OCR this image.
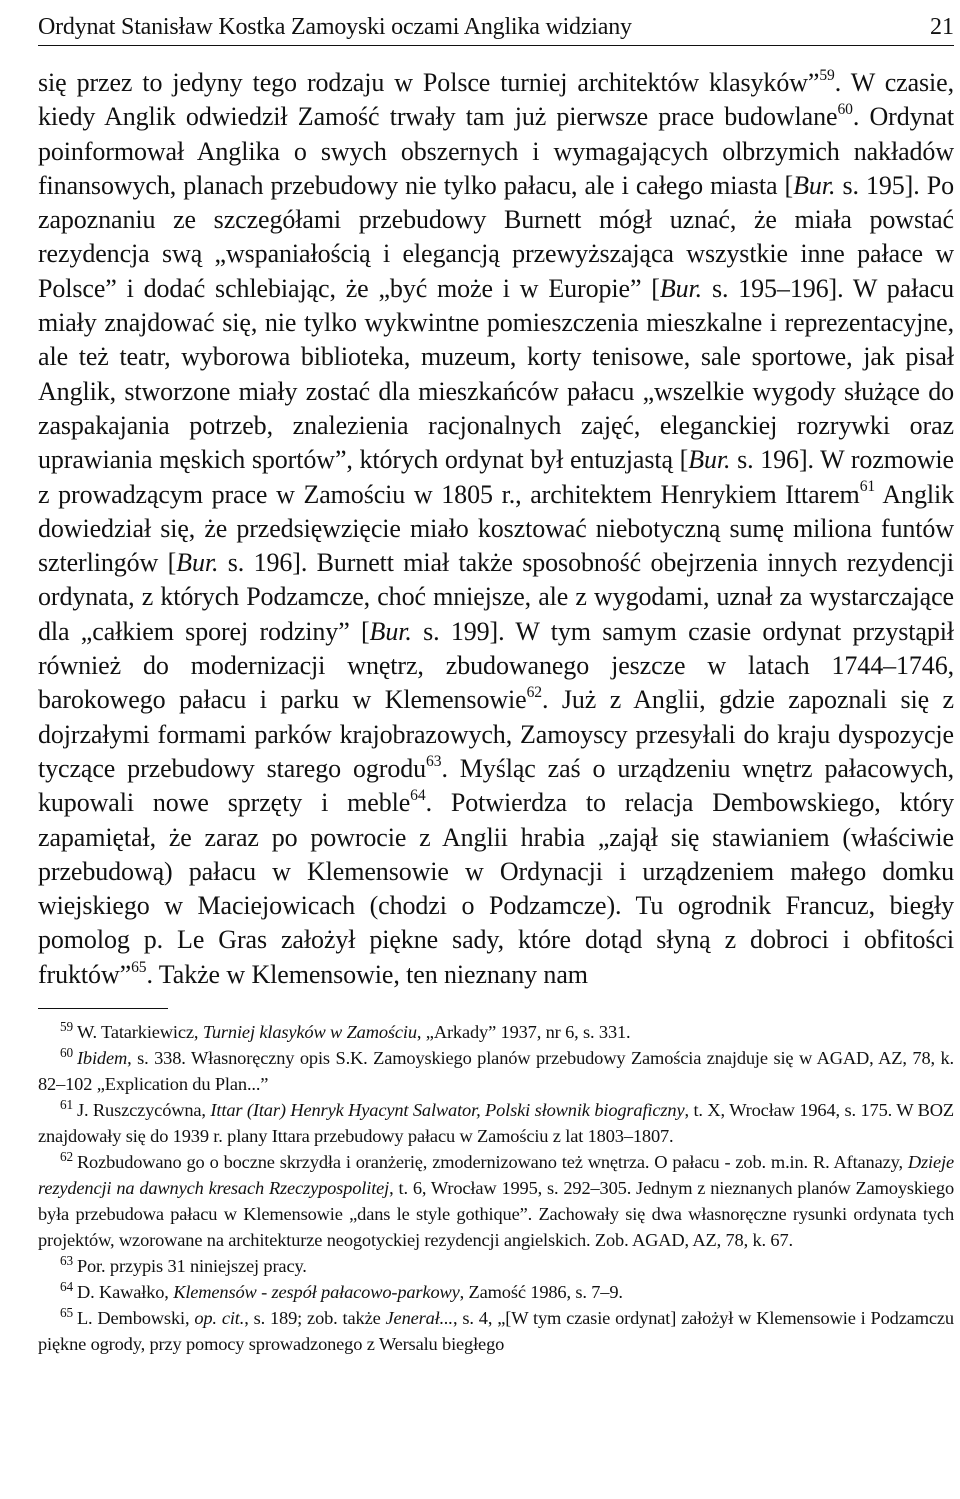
Ordynat Stanisław Kostka Zamoyski oczami Anglika widziany	21

się przez to jedyny tego rodzaju w Polsce turniej architektów klasyków”$^{59}$. W czasie, kiedy Anglik odwiedził Zamość trwały tam już pierwsze prace budowlane$^{60}$. Ordynat poinformował Anglika o swych obszernych i wymagających olbrzymich nakładów finansowych, planach przebudowy nie tylko pałacu, ale i całego miasta [Bur. s. 195]. Po zapoznaniu ze szczegółami przebudowy Burnett mógł uznać, że miała powstać rezydencja swą „wspaniałością i elegancją przewyższająca wszystkie inne pałace w Polsce” i dodać schlebiając, że „być może i w Europie” [Bur. s. 195–196]. W pałacu miały znajdować się, nie tylko wykwintne pomieszczenia mieszkalne i reprezentacyjne, ale też teatr, wyborowa biblioteka, muzeum, korty tenisowe, sale sportowe, jak pisał Anglik, stworzone miały zostać dla mieszkańców pałacu „wszelkie wygody służące do zaspakajania potrzeb, znalezienia racjonalnych zajęć, eleganckiej rozrywki oraz uprawiania męskich sportów”, których ordynat był entuzjastą [Bur. s. 196]. W rozmowie z prowadzącym prace w Zamościu w 1805 r., architektem Henrykiem Ittarem$^{61}$ Anglik dowiedział się, że przedsięwzięcie miało kosztować niebotyczną sumę miliona funtów szterlingów [Bur. s. 196]. Burnett miał także sposobność obejrzenia innych rezydencji ordynata, z których Podzamcze, choć mniejsze, ale z wygodami, uznał za wystarczające dla „całkiem sporej rodziny” [Bur. s. 199]. W tym samym czasie ordynat przystąpił również do modernizacji wnętrz, zbudowanego jeszcze w latach 1744–1746, barokowego pałacu i parku w Klemensowie$^{62}$. Już z Anglii, gdzie zapoznali się z dojrzałymi formami parków krajobrazowych, Zamoyscy przesyłali do kraju dyspozycje tyczące przebudowy starego ogrodu$^{63}$. Myśląc zaś o urządzeniu wnętrz pałacowych, kupowali nowe sprzęty i meble$^{64}$. Potwierdza to relacja Dembowskiego, który zapamiętał, że zaraz po powrocie z Anglii hrabia „zajął się stawianiem (właściwie przebudową) pałacu w Klemensowie w Ordynacji i urządzeniem małego domku wiejskiego w Maciejowicach (chodzi o Podzamcze). Tu ogrodnik Francuz, biegły pomolog p. Le Gras założył piękne sady, które dotąd słyną z dobroci i obfitości fruktów”$^{65}$. Także w Klemensowie, ten nieznany nam

$^{59}$ W. Tatarkiewicz, Turniej klasyków w Zamościu, „Arkady” 1937, nr 6, s. 331.

$^{60}$ Ibidem, s. 338. Własnoręczny opis S.K. Zamoyskiego planów przebudowy Zamościa znajduje się w AGAD, AZ, 78, k. 82–102 „Explication du Plan...”

$^{61}$ J. Ruszczycówna, Ittar (Itar) Henryk Hyacynt Salwator, Polski słownik biograficzny, t. X, Wrocław 1964, s. 175. W BOZ znajdowały się do 1939 r. plany Ittara przebudowy pałacu w Zamościu z lat 1803–1807.

$^{62}$ Rozbudowano go o boczne skrzydła i oranżerię, zmodernizowano też wnętrza. O pałacu - zob. m.in. R. Aftanazy, Dzieje rezydencji na dawnych kresach Rzeczypospolitej, t. 6, Wrocław 1995, s. 292–305. Jednym z nieznanych planów Zamoyskiego była przebudowa pałacu w Klemensowie „dans le style gothique”. Zachowały się dwa własnoręczne rysunki ordynata tych projektów, wzorowane na architekturze neogotyckiej rezydencji angielskich. Zob. AGAD, AZ, 78, k. 67.

$^{63}$ Por. przypis 31 niniejszej pracy.

$^{64}$ D. Kawałko, Klemensów - zespół pałacowo-parkowy, Zamość 1986, s. 7–9.

$^{65}$ L. Dembowski, op. cit., s. 189; zob. także Jenerał..., s. 4, „[W tym czasie ordynat] założył w Klemensowie i Podzamczu piękne ogrody, przy pomocy sprowadzonego z Wersalu biegłego
